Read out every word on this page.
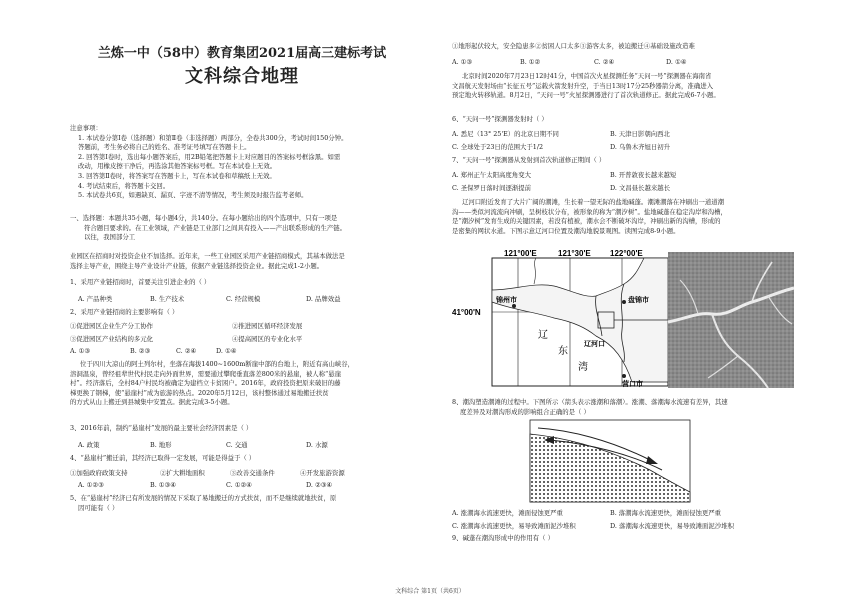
兰炼一中（58中）教育集团2021届高三建标考试
文科综合地理
注意事项：
1. 本试卷分第Ⅰ卷（选择题）和第Ⅱ卷（非选择题）两部分，全卷共300分，考试时间150分钟。
答题前，考生务必将自己的姓名、准考证号填写在答题卡上。
2. 回答第Ⅰ卷时，选出每小题答案后，用2B铅笔把答题卡上对应题目的答案标号框涂黑。如需
改动，用橡皮擦干净后，再选涂其他答案标号框。写在本试卷上无效。
3. 回答第Ⅱ卷时，将答案写在答题卡上，写在本试卷和草稿纸上无效。
4. 考试结束后，将答题卡交回。
5. 本试卷共6页，如遇缺页、漏页、字迹不清等情况，考生须及时报告监考老师。
一、选择题：本题共35小题，每小题4分，共140分。在每小题给出的四个选项中，只有一项是
符合题目要求的。在工业领域，产业链是工业部门之间具有投入——产出联系形成的生产链。
以往，我国部分工
业园区在招商时对投资企业不加选择。近年来，一些工业园区采用产业链招商模式，其基本做法是
选择主导产业，围绕主导产业设计产业链，依据产业链选择投资企业。据此完成1-2小题。
1、采用产业链招商时，首要关注引进企业的（ ）
A. 产品种类	B. 生产技术	C. 经营规模	D. 品牌效益
2、采用产业链招商的主要影响有（ ）
①促进园区企业生产分工协作	②推进园区循环经济发展
③促进园区产业结构的多元化	④提高园区的专业化水平
A. ①③	B. ②③	C. ②④	D. ①④
位于四川大凉山的阿土列尔村，坐落在海拔1400~1600m断崖中部的台地上，附近有高山峡谷，
溶洞温泉，曾经祖辈世代村民走向外面世界，需要通过攀爬垂直落差800米的悬崖，被人称“悬崖
村”。经济落后，全村84户村民均被确定为建档立卡贫困户。2016年，政府投资把原来破旧的藤
梯更换了钢梯，使“悬崖村”成为旅游的热点。2020年5月12日，该村整体通过易地搬迁扶贫
的方式从山上搬迁到县城集中安置点。据此完成3-5小题。
3、2016年前，制约“悬崖村”发展的最主要社会经济因素是（ ）
A. 政策	B. 地形	C. 交通	D. 水源
4、“悬崖村”搬迁前，其经济已取得一定发展，可能是得益于（ ）
①加强政府政策支持	②扩大耕地面积	③改善交通条件	④开发旅游资源
A. ①②③	B. ①③④	C. ①②④	D. ②③④
5、在“悬崖村”经济已有所发展的情况下采取了易地搬迁的方式扶贫，而不是继续就地扶贫，原
因可能有（ ）
①地形起伏较大，安全隐患多②贫困人口太多③游客太多，被迫搬迁④基础设施改造难
A. ①③	B. ①②	C. ②④	D. ①④
北京时间2020年7月23日12时41分，中国首次火星探测任务“天问一号”探测器在海南省
文昌航天发射场由“长征五号”运载火箭发射升空，于当日13时17分25秒器箭分离，准确进入
预定地火转移轨道。8月2日，“天问一号”火星探测器进行了首次轨道修正。据此完成6-7小题。
6、“天问一号”探测器发射时（ ）
A. 悉尼（13° 25'E）的北京日期不同	B. 天津日影朝向西北
C. 全球处于23日的范围大于1/2	D. 乌鲁木齐旭日初升
7、“天问一号”探测器从发射到首次轨道修正期间（ ）
A. 郑州正午太阳高度角变大	B. 开普敦夜长越来越短
C. 圣保罗日落时间逐渐提前	D. 文昌昼长越来越长
辽河口附近发育了大片广阔的潮滩，生长着一望无际的盐地碱蓬。潮滩潮落在冲刷出一道道潮
沟——类似河流流向冲刷，呈树枝状分布，被形象的称为“潮汐树”。盐地碱蓬在稳定沟岸和沟槽，
是“潮汐树”发育生成的关键因素，若没有植被，潮水会不断破坏沟岸，冲刷出新的沟槽，形成的
是密集的网状水道。下图示意辽河口位置及潮沟地貌景观图。读图完成8-9小题。
121°00'E	121°30'E 122°00'E
41°00'N
锦州市	盘锦市
营口市
辽河口
辽
东
湾
8、潮沟塑造潮滩的过程中。下图所示（箭头表示涨潮和落潮）。涨潮、落潮海水流速有差异，其速
度差异及对潮沟形成的影响组合正确的是（ ）
A. 涨潮海水流速更快，滩面侵蚀更严重	B. 落潮海水流速更快，滩面侵蚀更严重
C. 涨潮海水流速更快，易导致滩面泥沙堆积	D. 落潮海水流速更快，易导致滩面泥沙堆积
9、碱蓬在潮沟形成中的作用有（ ）
文科综合 第1页（共6页）
